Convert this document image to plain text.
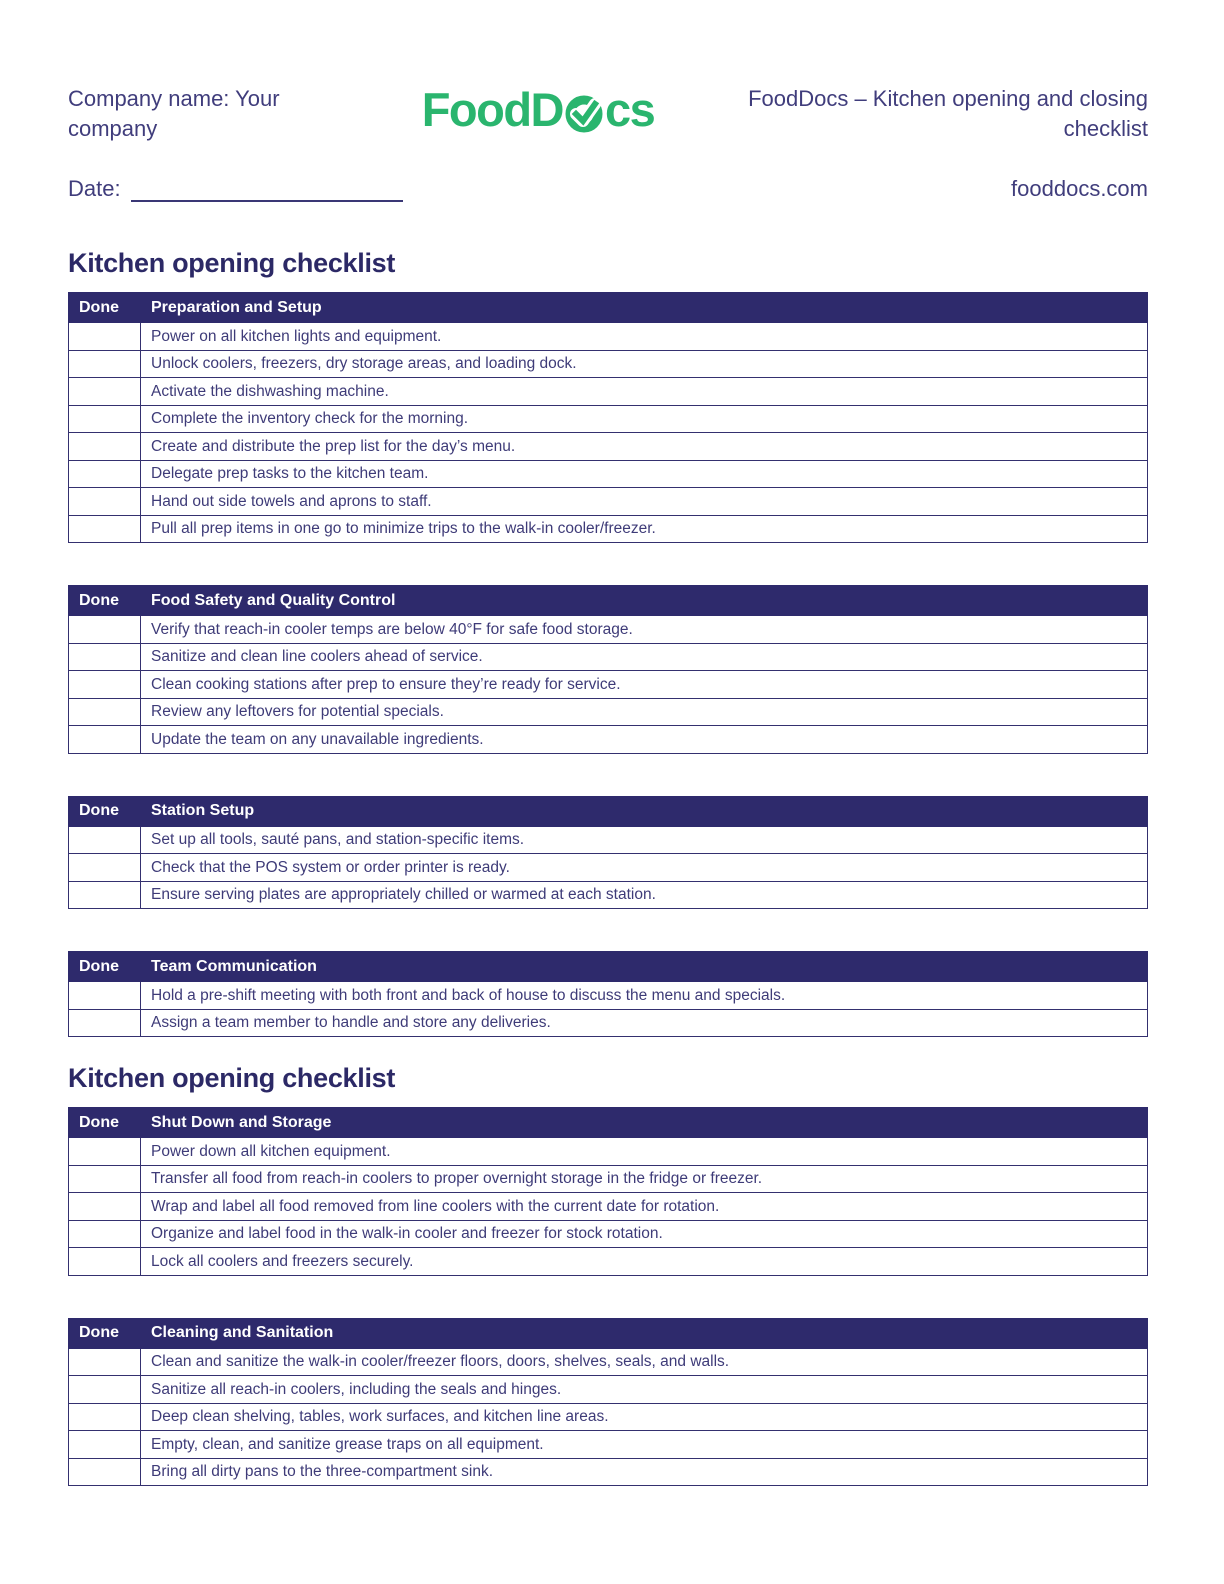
Company name: Your company	FoodD cs	FoodDocs – Kitchen opening and closing checklist
Date:	fooddocs.com
Kitchen opening checklist
Done	Preparation and Setup
	Power on all kitchen lights and equipment.
	Unlock coolers, freezers, dry storage areas, and loading dock.
	Activate the dishwashing machine.
	Complete the inventory check for the morning.
	Create and distribute the prep list for the day’s menu.
	Delegate prep tasks to the kitchen team.
	Hand out side towels and aprons to staff.
	Pull all prep items in one go to minimize trips to the walk-in cooler/freezer.
Done	Food Safety and Quality Control
	Verify that reach-in cooler temps are below 40°F for safe food storage.
	Sanitize and clean line coolers ahead of service.
	Clean cooking stations after prep to ensure they’re ready for service.
	Review any leftovers for potential specials.
	Update the team on any unavailable ingredients.
Done	Station Setup
	Set up all tools, sauté pans, and station-specific items.
	Check that the POS system or order printer is ready.
	Ensure serving plates are appropriately chilled or warmed at each station.
Done	Team Communication
	Hold a pre-shift meeting with both front and back of house to discuss the menu and specials.
	Assign a team member to handle and store any deliveries.
Kitchen opening checklist
Done	Shut Down and Storage
	Power down all kitchen equipment.
	Transfer all food from reach-in coolers to proper overnight storage in the fridge or freezer.
	Wrap and label all food removed from line coolers with the current date for rotation.
	Organize and label food in the walk-in cooler and freezer for stock rotation.
	Lock all coolers and freezers securely.
Done	Cleaning and Sanitation
	Clean and sanitize the walk-in cooler/freezer floors, doors, shelves, seals, and walls.
	Sanitize all reach-in coolers, including the seals and hinges.
	Deep clean shelving, tables, work surfaces, and kitchen line areas.
	Empty, clean, and sanitize grease traps on all equipment.
	Bring all dirty pans to the three-compartment sink.
